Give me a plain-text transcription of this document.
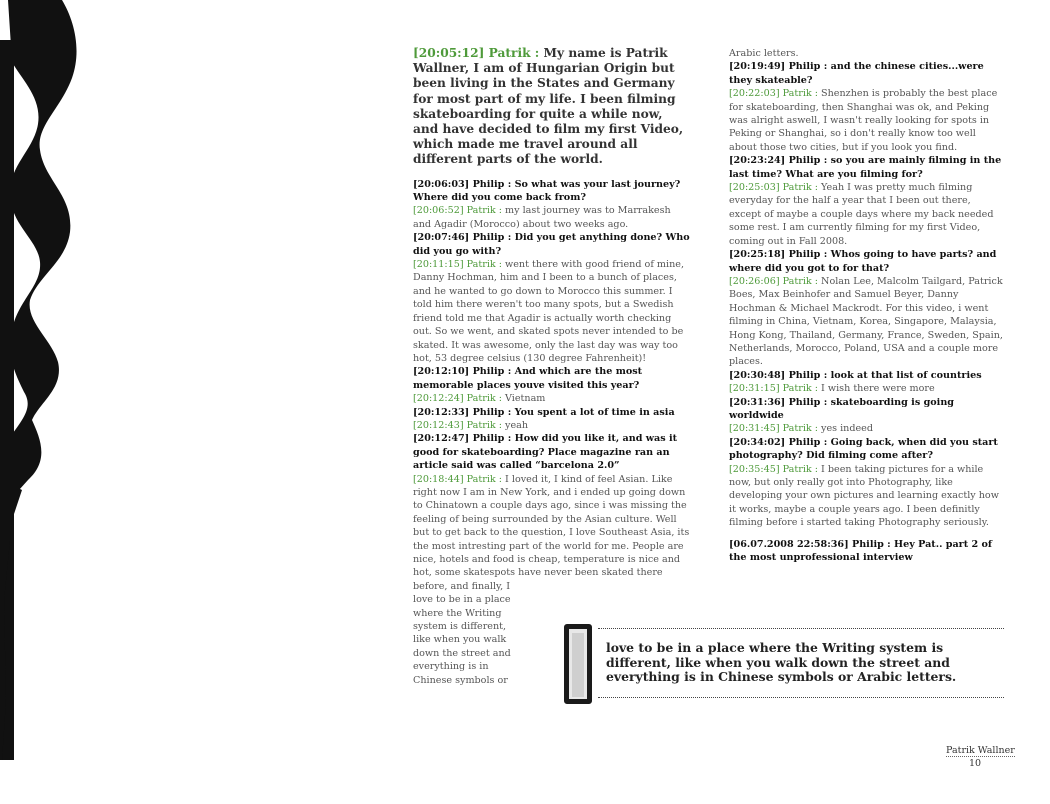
[20:05:12] Patrik : My name is Patrik Wallner, I am of Hungarian Origin but been living in the States and Germany for most part of my life. I been filming skateboarding for quite a while now, and have decided to film my first Video, which made me travel around all different parts of the world.

[20:06:03] Philip : So what was your last journey? Where did you come back from?

[20:06:52] Patrik : my last journey was to Marrakesh and Agadir (Morocco) about two weeks ago.

[20:07:46] Philip : Did you get anything done? Who did you go with?

[20:11:15] Patrik : went there with good friend of mine, Danny Hochman, him and I been to a bunch of places, and he wanted to go down to Morocco this summer. I told him there weren't too many spots, but a Swedish friend told me that Agadir is actually worth checking out. So we went, and skated spots never intended to be skated. It was awesome, only the last day was way too hot, 53 degree celsius (130 degree Fahrenheit)!

[20:12:10] Philip : And which are the most memorable places youve visited this year?

[20:12:24] Patrik : Vietnam

[20:12:33] Philip : You spent a lot of time in asia

[20:12:43] Patrik : yeah

[20:12:47] Philip : How did you like it, and was it good for skateboarding? Place magazine ran an article said was called “barcelona 2.0”

[20:18:44] Patrik : I loved it, I kind of feel Asian. Like right now I am in New York, and i ended up going down to Chinatown a couple days ago, since i was missing the feeling of being surrounded by the Asian culture. Well but to get back to the question, I love Southeast Asia, its the most intresting part of the world for me. People are nice, hotels and food is cheap, temperature is nice and hot, some skatespots have never been skated there before, and finally, I

love to be in a place where the Writing system is different, like when you walk down the street and everything is in Chinese symbols or

Arabic letters.

[20:19:49] Philip : and the chinese cities...were they skateable?

[20:22:03] Patrik : Shenzhen is probably the best place for skateboarding, then Shanghai was ok, and Peking was alright aswell, I wasn't really looking for spots in Peking or Shanghai, so i don't really know too well about those two cities, but if you look you find.

[20:23:24] Philip : so you are mainly filming in the last time? What are you filming for?

[20:25:03] Patrik : Yeah I was pretty much filming everyday for the half a year that I been out there, except of maybe a couple days where my back needed some rest. I am currently filming for my first Video, coming out in Fall 2008.

[20:25:18] Philip : Whos going to have parts? and where did you got to for that?

[20:26:06] Patrik : Nolan Lee, Malcolm Tailgard, Patrick Boes, Max Beinhofer and Samuel Beyer, Danny Hochman & Michael Mackrodt. For this video, i went filming in China, Vietnam, Korea, Singapore, Malaysia, Hong Kong, Thailand, Germany, France, Sweden, Spain, Netherlands, Morocco, Poland, USA and a couple more places.

[20:30:48] Philip : look at that list of countries

[20:31:15] Patrik : I wish there were more

[20:31:36] Philip : skateboarding is going worldwide

[20:31:45] Patrik : yes indeed

[20:34:02] Philip : Going back, when did you start photography? Did filming come after?

[20:35:45] Patrik : I been taking pictures for a while now, but only really got into Photography, like developing your own pictures and learning exactly how it works, maybe a couple years ago. I been definitly filming before i started taking Photography seriously.

[06.07.2008 22:58:36] Philip : Hey Pat.. part 2 of the most unprofessional interview

love to be in a place where the Writing system is different, like when you walk down the street and everything is in Chinese symbols or Arabic letters.
Patrik Wallner
10
